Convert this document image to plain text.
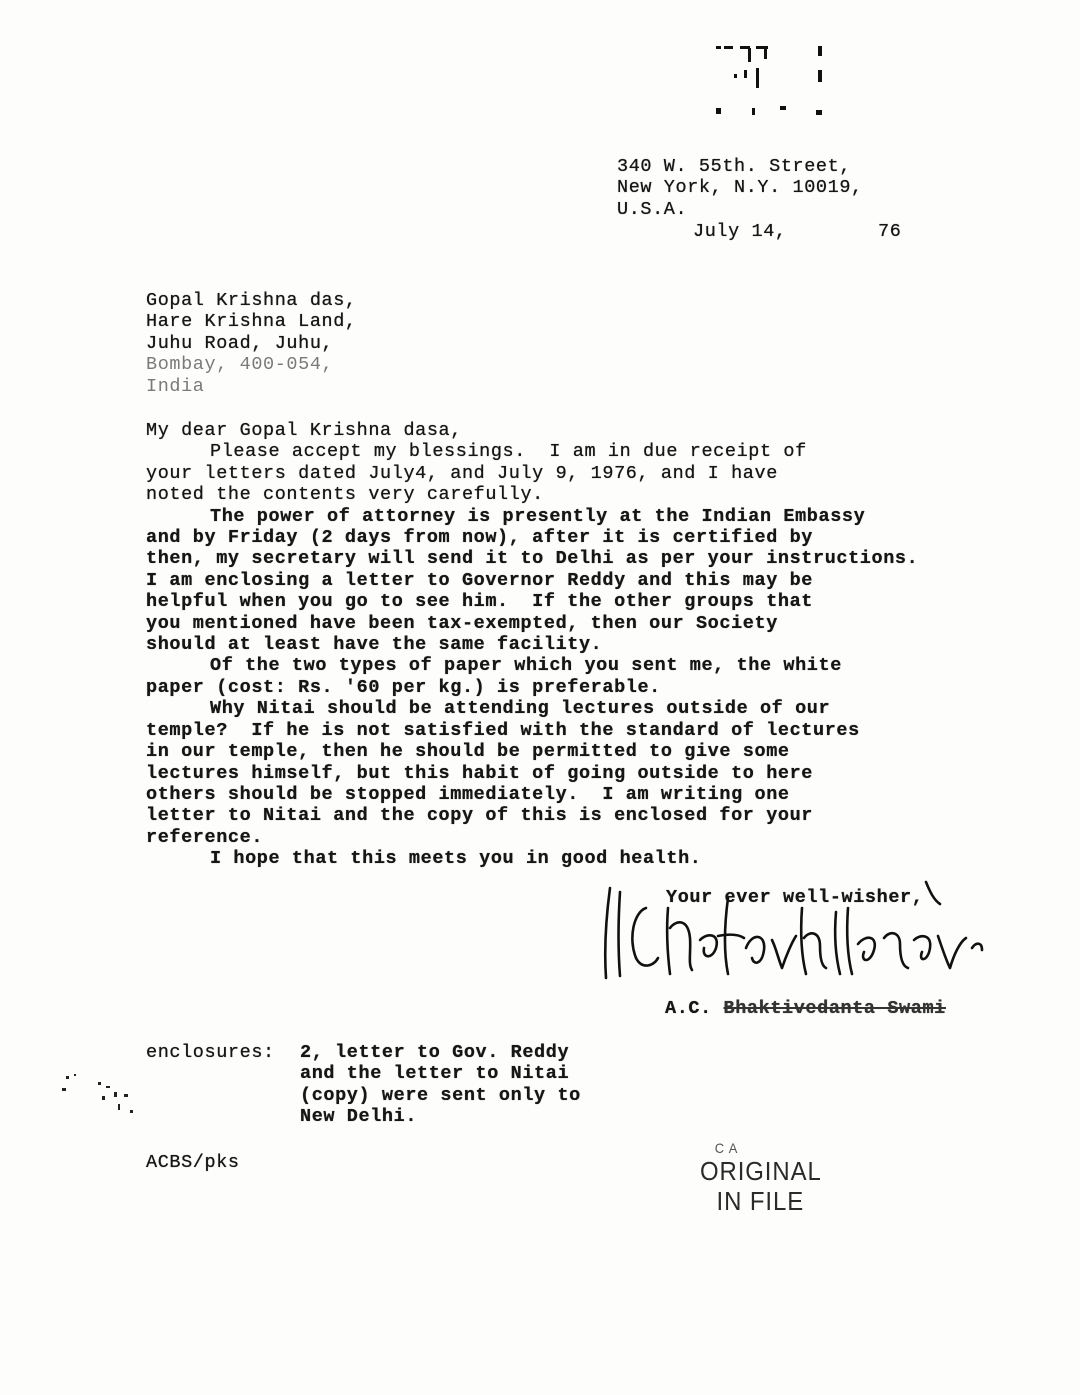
340 W. 55th. Street,
New York, N.Y. 10019,
U.S.A.
July 14,	76
Gopal Krishna das,
Hare Krishna Land,
Juhu Road, Juhu,
Bombay, 400-054,
India
My dear Gopal Krishna dasa,
Please accept my blessings.  I am in due receipt of
your letters dated July4, and July 9, 1976, and I have
noted the contents very carefully.
The power of attorney is presently at the Indian Embassy
and by Friday (2 days from now), after it is certified by
then, my secretary will send it to Delhi as per your instructions.
I am enclosing a letter to Governor Reddy and this may be
helpful when you go to see him.  If the other groups that
you mentioned have been tax-exempted, then our Society
should at least have the same facility.
Of the two types of paper which you sent me, the white
paper (cost: Rs. '60 per kg.) is preferable.
Why Nitai should be attending lectures outside of our
temple?  If he is not satisfied with the standard of lectures
in our temple, then he should be permitted to give some
lectures himself, but this habit of going outside to here
others should be stopped immediately.  I am writing one
letter to Nitai and the copy of this is enclosed for your
reference.
I hope that this meets you in good health.
Your ever well-wisher,
A.C. Bhaktivedanta Swami
enclosures: 2, letter to Gov. Reddy
and the letter to Nitai
(copy) were sent only to
New Delhi.
ACBS/pks
C A
ORIGINAL
IN FILE
